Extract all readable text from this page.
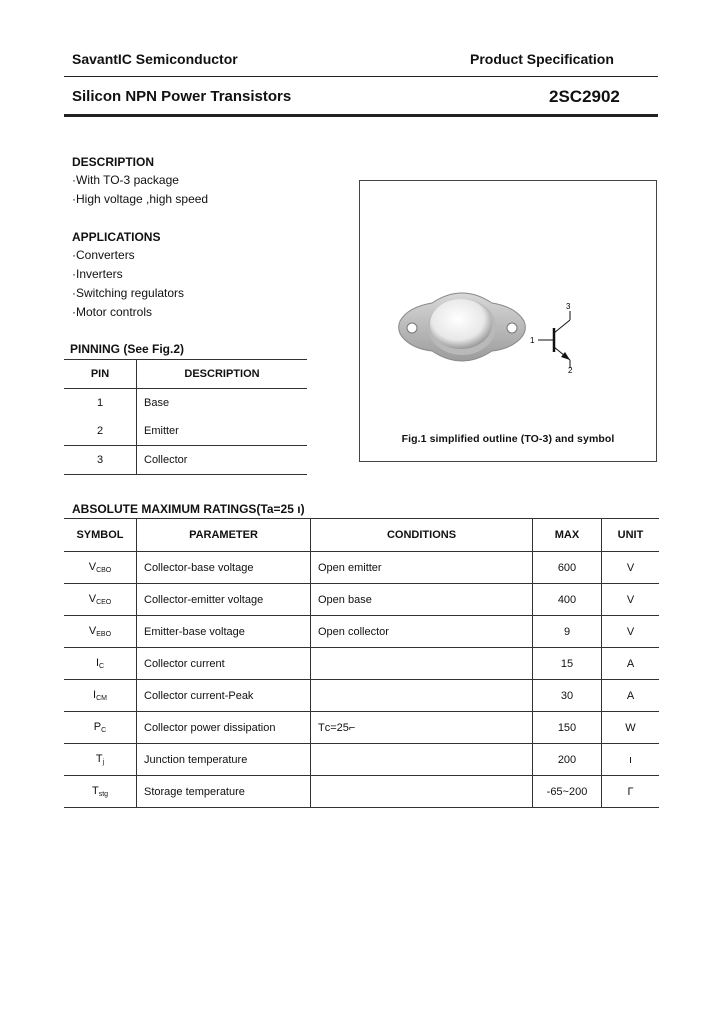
SavantIC Semiconductor	Product Specification
Silicon NPN Power Transistors	2SC2902
DESCRIPTION
·With TO-3 package
·High voltage ,high speed
APPLICATIONS
·Converters
·Inverters
·Switching regulators
·Motor controls
PINNING (See Fig.2)
PIN	DESCRIPTION
1	Base
2	Emitter
3	Collector
3
1
2
Fig.1 simplified outline (TO-3) and symbol
ABSOLUTE MAXIMUM RATINGS(Ta=25 ı)
SYMBOL	PARAMETER	CONDITIONS	MAX	UNIT
$V_{CBO}$	Collector-base voltage	Open emitter	600	V
$V_{CEO}$	Collector-emitter voltage	Open base	400	V
$V_{EBO}$	Emitter-base voltage	Open collector	9	V
$I_C$	Collector current		15	A
$I_{CM}$	Collector current-Peak		30	A
$P_C$	Collector power dissipation	Tᴄ=25⌐	150	W
$T_j$	Junction temperature		200	ı
$T_{stg}$	Storage temperature		-65~200	Γ
